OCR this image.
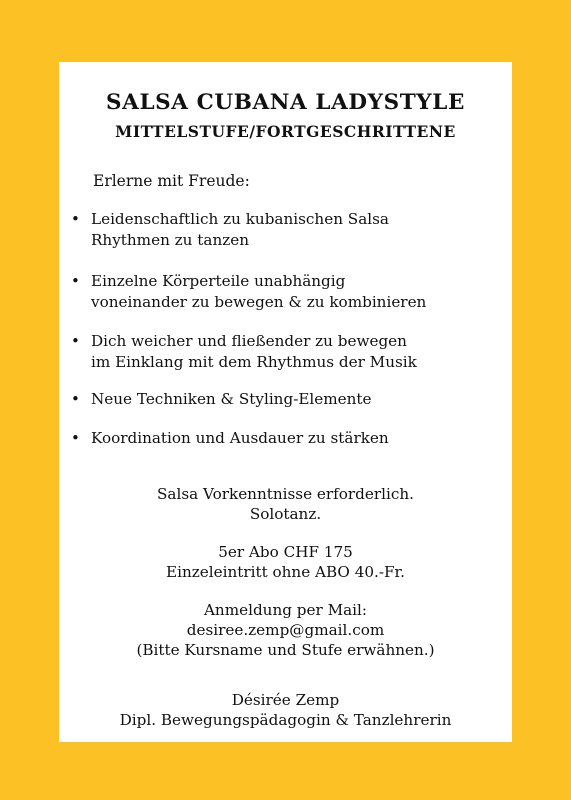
SALSA CUBANA LADYSTYLE
MITTELSTUFE/FORTGESCHRITTENE
Erlerne mit Freude:
• Leidenschaftlich zu kubanischen Salsa
Rhythmen zu tanzen
• Einzelne Körperteile unabhängig
voneinander zu bewegen & zu kombinieren
• Dich weicher und fließender zu bewegen
im Einklang mit dem Rhythmus der Musik
• Neue Techniken & Styling-Elemente
• Koordination und Ausdauer zu stärken
Salsa Vorkenntnisse erforderlich.
Solotanz.
5er Abo CHF 175
Einzeleintritt ohne ABO 40.-Fr.
Anmeldung per Mail:
desiree.zemp@gmail.com
(Bitte Kursname und Stufe erwähnen.)
Désirée Zemp
Dipl. Bewegungspädagogin & Tanzlehrerin
